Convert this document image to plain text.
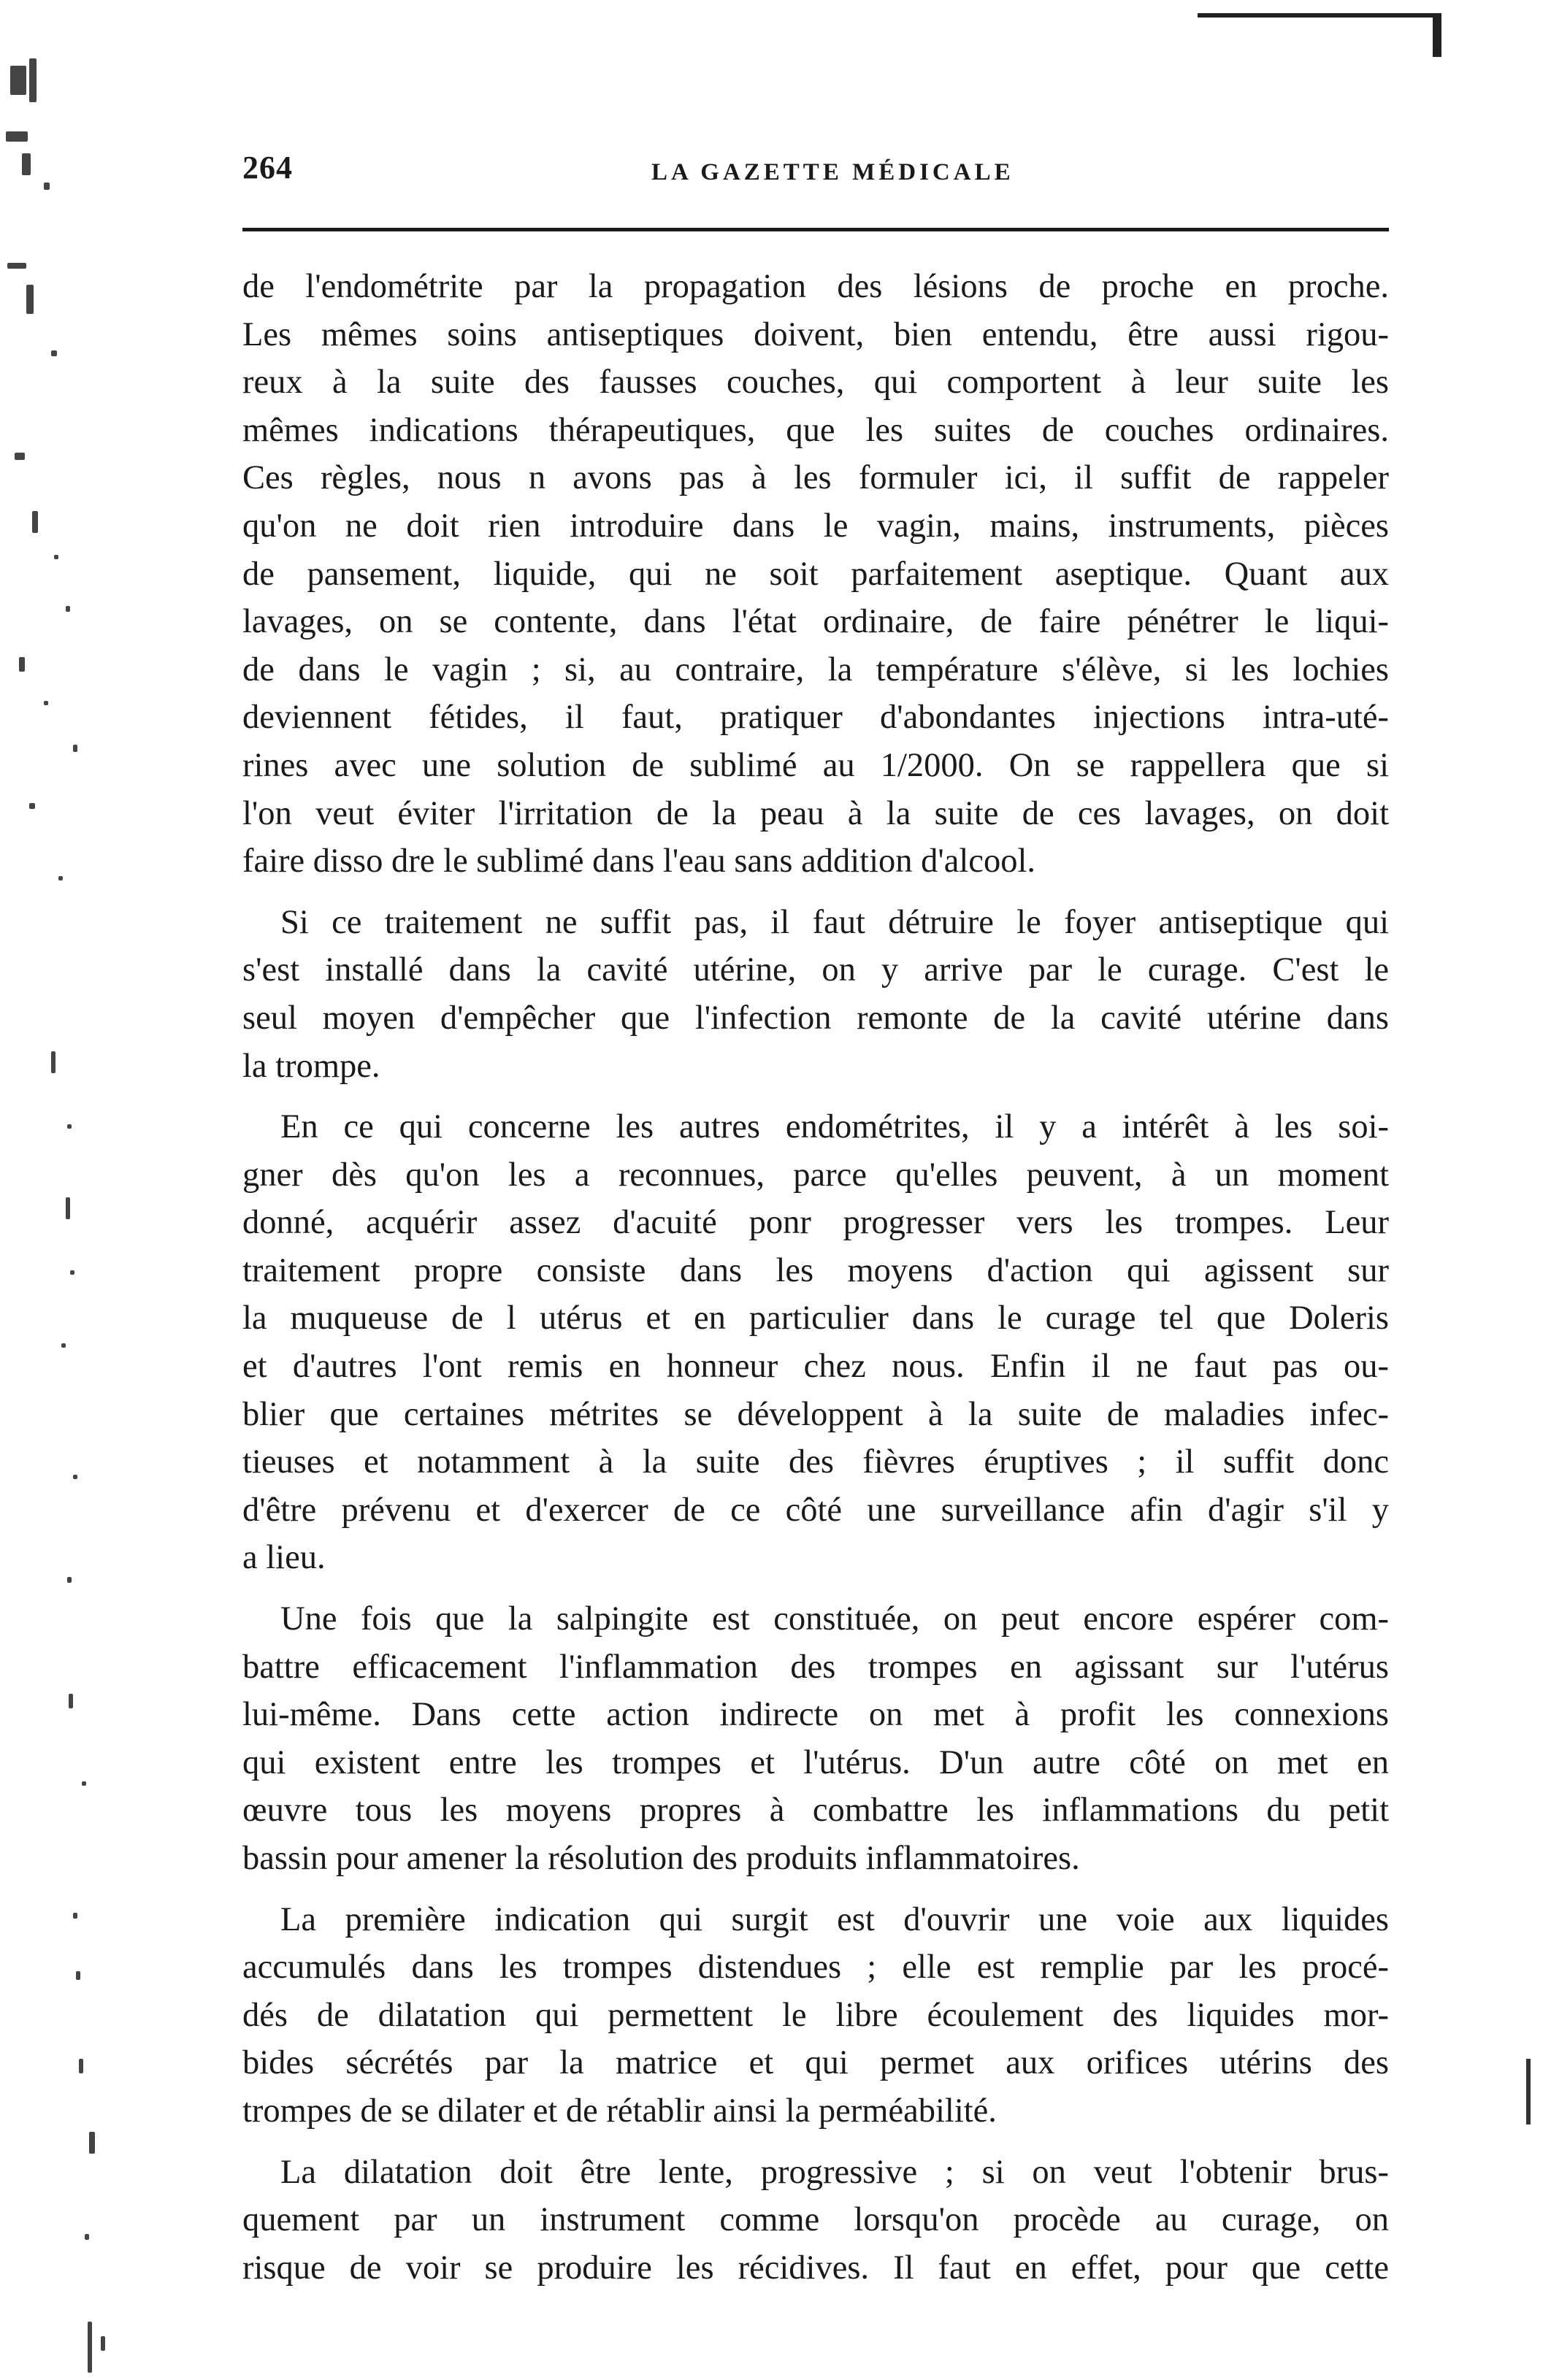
264	LA GAZETTE MÉDICALE
de l'endométrite par la propagation des lésions de proche en proche.
Les mêmes soins antiseptiques doivent, bien entendu, être aussi rigou-
reux à la suite des fausses couches, qui comportent à leur suite les
mêmes indications thérapeutiques, que les suites de couches ordinaires.
Ces règles, nous n avons pas à les formuler ici, il suffit de rappeler
qu'on ne doit rien introduire dans le vagin, mains, instruments, pièces
de pansement, liquide, qui ne soit parfaitement aseptique. Quant aux
lavages, on se contente, dans l'état ordinaire, de faire pénétrer le liqui-
de dans le vagin ; si, au contraire, la température s'élève, si les lochies
deviennent fétides, il faut, pratiquer d'abondantes injections intra-uté-
rines avec une solution de sublimé au 1/2000. On se rappellera que si
l'on veut éviter l'irritation de la peau à la suite de ces lavages, on doit
faire disso dre le sublimé dans l'eau sans addition d'alcool.
Si ce traitement ne suffit pas, il faut détruire le foyer antiseptique qui
s'est installé dans la cavité utérine, on y arrive par le curage. C'est le
seul moyen d'empêcher que l'infection remonte de la cavité utérine dans
la trompe.
En ce qui concerne les autres endométrites, il y a intérêt à les soi-
gner dès qu'on les a reconnues, parce qu'elles peuvent, à un moment
donné, acquérir assez d'acuité ponr progresser vers les trompes. Leur
traitement propre consiste dans les moyens d'action qui agissent sur
la muqueuse de l utérus et en particulier dans le curage tel que Doleris
et d'autres l'ont remis en honneur chez nous. Enfin il ne faut pas ou-
blier que certaines métrites se développent à la suite de maladies infec-
tieuses et notamment à la suite des fièvres éruptives ; il suffit donc
d'être prévenu et d'exercer de ce côté une surveillance afin d'agir s'il y
a lieu.
Une fois que la salpingite est constituée, on peut encore espérer com-
battre efficacement l'inflammation des trompes en agissant sur l'utérus
lui-même. Dans cette action indirecte on met à profit les connexions
qui existent entre les trompes et l'utérus. D'un autre côté on met en
œuvre tous les moyens propres à combattre les inflammations du petit
bassin pour amener la résolution des produits inflammatoires.
La première indication qui surgit est d'ouvrir une voie aux liquides
accumulés dans les trompes distendues ; elle est remplie par les procé-
dés de dilatation qui permettent le libre écoulement des liquides mor-
bides sécrétés par la matrice et qui permet aux orifices utérins des
trompes de se dilater et de rétablir ainsi la perméabilité.
La dilatation doit être lente, progressive ; si on veut l'obtenir brus-
quement par un instrument comme lorsqu'on procède au curage, on
risque de voir se produire les récidives. Il faut en effet, pour que cette
